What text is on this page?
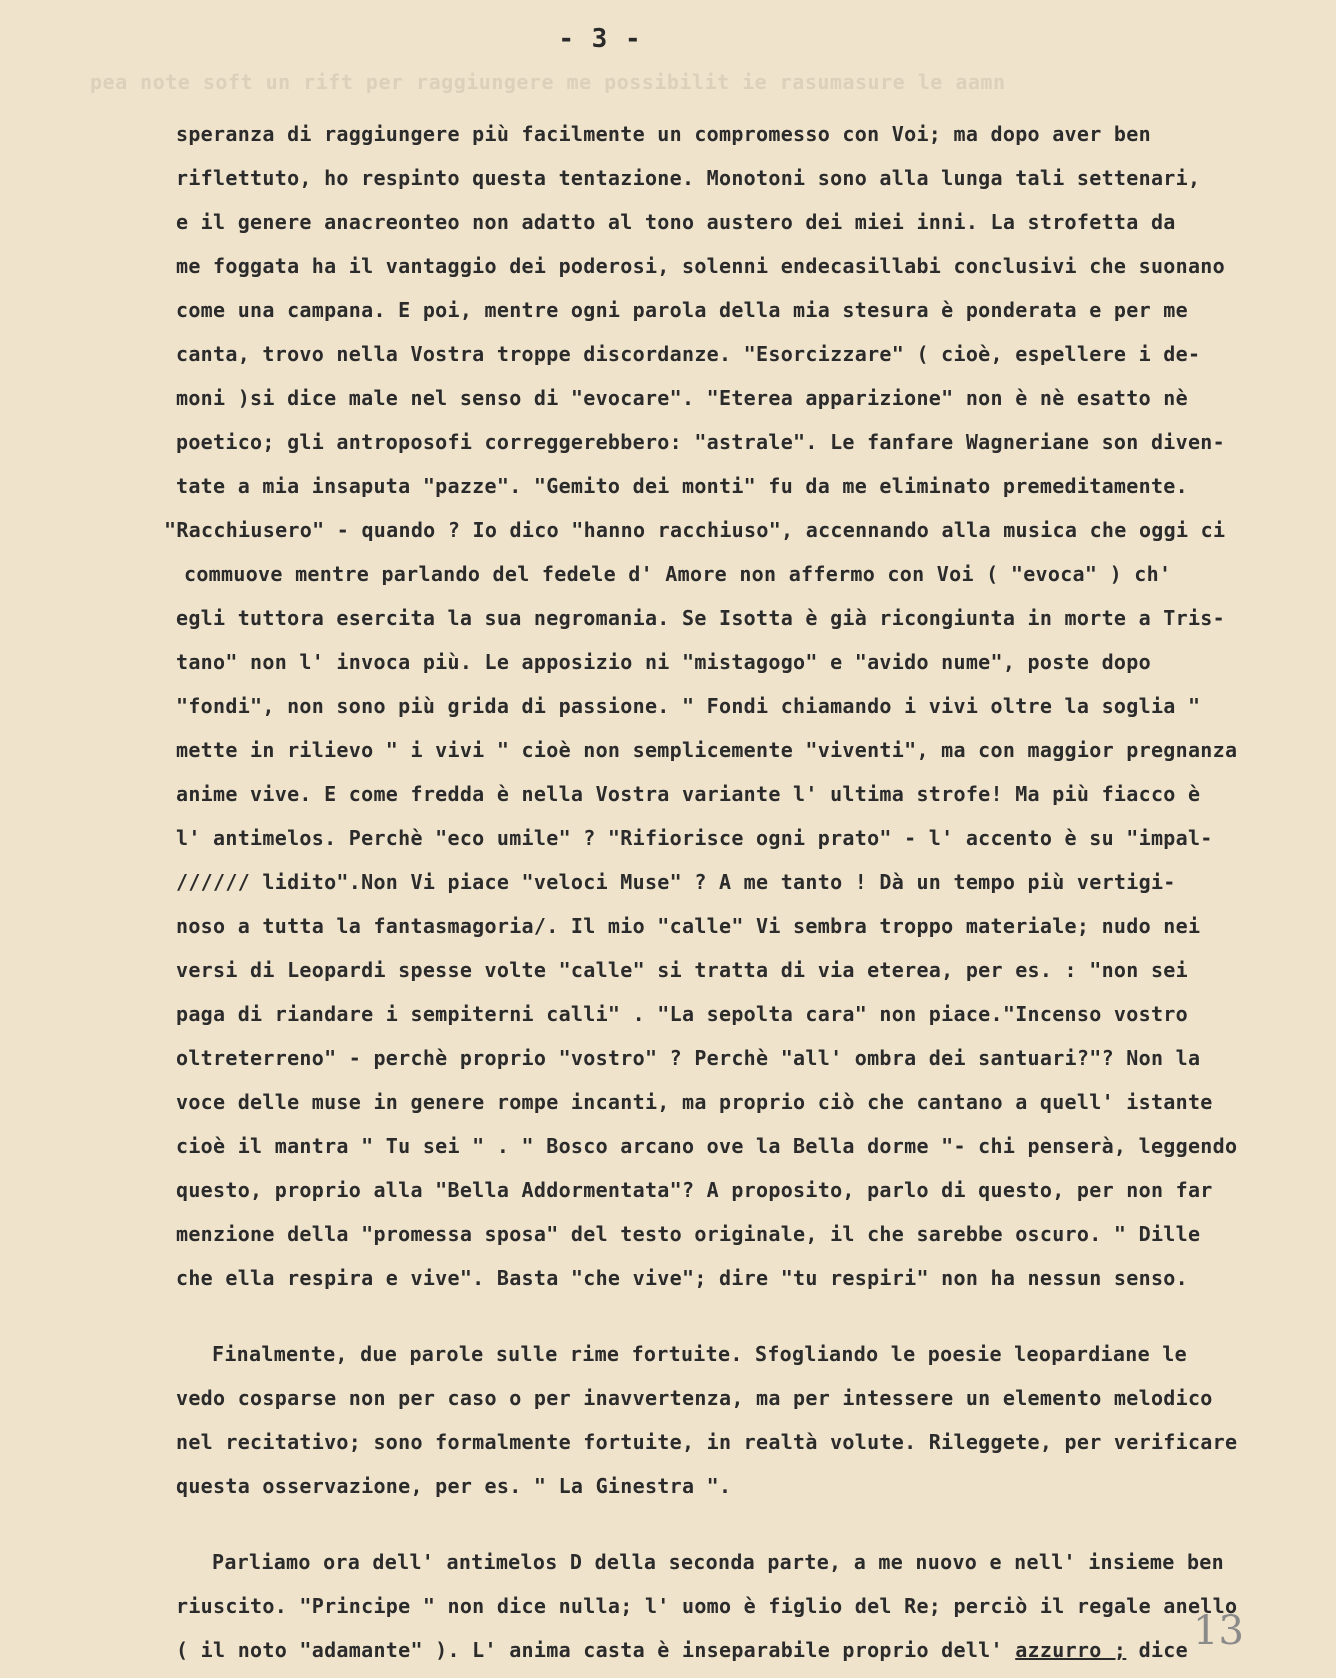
- 3 -
pea note soft un rift per raggiungere me possibilit ie rasumasure le aamn
speranza di raggiungere più facilmente un compromesso con Voi; ma dopo aver ben
riflettuto, ho respinto questa tentazione. Monotoni sono alla lunga tali settenari,
e il genere anacreonteo non adatto al tono austero dei miei inni. La strofetta da
me foggata ha il vantaggio dei poderosi, solenni endecasillabi conclusivi che suonano
come una campana. E poi, mentre ogni parola della mia stesura è ponderata e per me
canta, trovo nella Vostra troppe discordanze. "Esorcizzare" ( cioè, espellere i de-
moni )si dice male nel senso di "evocare". "Eterea apparizione" non è nè esatto nè
poetico; gli antroposofi correggerebbero: "astrale". Le fanfare Wagneriane son diven-
tate a mia insaputa "pazze". "Gemito dei monti" fu da me eliminato premeditamente.
"Racchiusero" - quando ? Io dico "hanno racchiuso", accennando alla musica che oggi ci
commuove mentre parlando del fedele d' Amore non affermo con Voi ( "evoca" ) ch'
egli tuttora esercita la sua negromania. Se Isotta è già ricongiunta in morte a Tris-
tano" non l' invoca più. Le apposizio ni "mistagogo" e "avido nume", poste dopo
"fondi", non sono più grida di passione. " Fondi chiamando i vivi oltre la soglia "
mette in rilievo " i vivi " cioè non semplicemente "viventi", ma con maggior pregnanza
anime vive. E come fredda è nella Vostra variante l' ultima strofe! Ma più fiacco è
l' antimelos. Perchè "eco umile" ? "Rifiorisce ogni prato" - l' accento è su "impal-
////// lidito".Non Vi piace "veloci Muse" ? A me tanto ! Dà un tempo più vertigi-
noso a tutta la fantasmagoria/. Il mio "calle" Vi sembra troppo materiale; nudo nei
versi di Leopardi spesse volte "calle" si tratta di via eterea, per es. : "non sei
paga di riandare i sempiterni calli" . "La sepolta cara" non piace."Incenso vostro
oltreterreno" - perchè proprio "vostro" ? Perchè "all' ombra dei santuari?"? Non la
voce delle muse in genere rompe incanti, ma proprio ciò che cantano a quell' istante
cioè il mantra " Tu sei " . " Bosco arcano ove la Bella dorme "- chi penserà, leggendo
questo, proprio alla "Bella Addormentata"? A proposito, parlo di questo, per non far
menzione della "promessa sposa" del testo originale, il che sarebbe oscuro. " Dille
che ella respira e vive". Basta "che vive"; dire "tu respiri" non ha nessun senso.
Finalmente, due parole sulle rime fortuite. Sfogliando le poesie leopardiane le
vedo cosparse non per caso o per inavvertenza, ma per intessere un elemento melodico
nel recitativo; sono formalmente fortuite, in realtà volute. Rileggete, per verificare
questa osservazione, per es. " La Ginestra ".
Parliamo ora dell' antimelos D della seconda parte, a me nuovo e nell' insieme ben
riuscito. "Principe " non dice nulla; l' uomo è figlio del Re; perciò il regale anello
( il noto "adamante" ). L' anima casta è inseparabile proprio dell' azzurro ; dice 13
